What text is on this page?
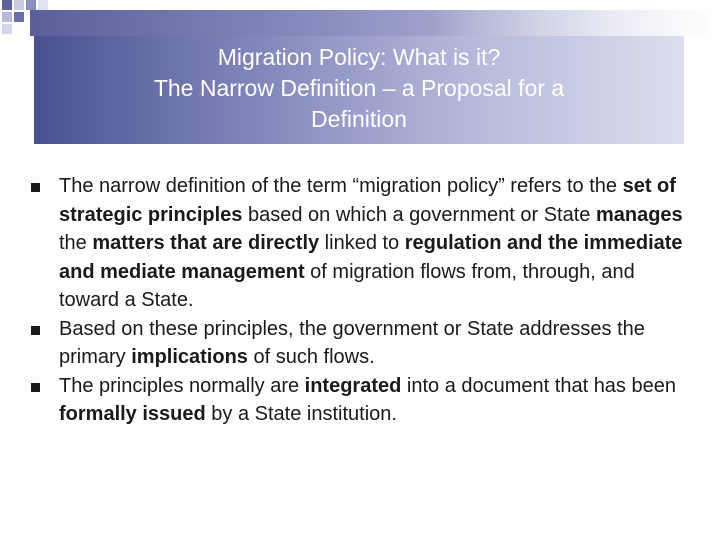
Migration Policy: What is it?
The Narrow Definition – a Proposal for a
Definition
The narrow definition of the term “migration policy” refers to the set of strategic principles based on which a government or State manages the matters that are directly linked to regulation and the immediate and mediate management of migration flows from, through, and toward a State.
Based on these principles, the government or State addresses the primary implications of such flows.
The principles normally are integrated into a document that has been formally issued by a State institution.
